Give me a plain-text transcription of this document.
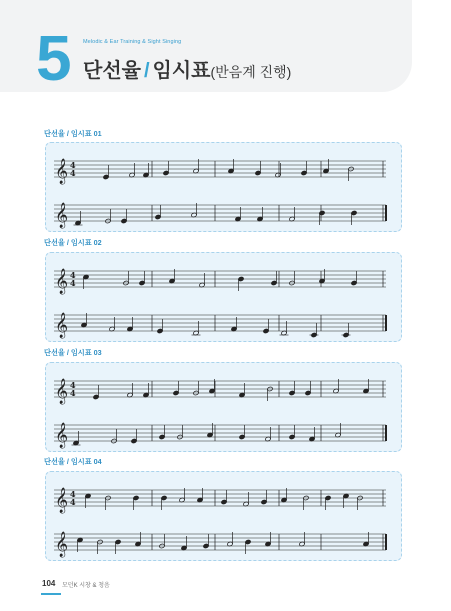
5 Melodic & Ear Training & Sight Singing
단선율 / 임시표(반음계 진행)
단선율 / 임시표 01
𝄞 4
4
𝄞
단선율 / 임시표 02
𝄞 4
4
𝄞
단선율 / 임시표 03
𝄞 4
4
𝄞
단선율 / 임시표 04
𝄞 4
4
𝄞
104 모던K 시창 & 청음
